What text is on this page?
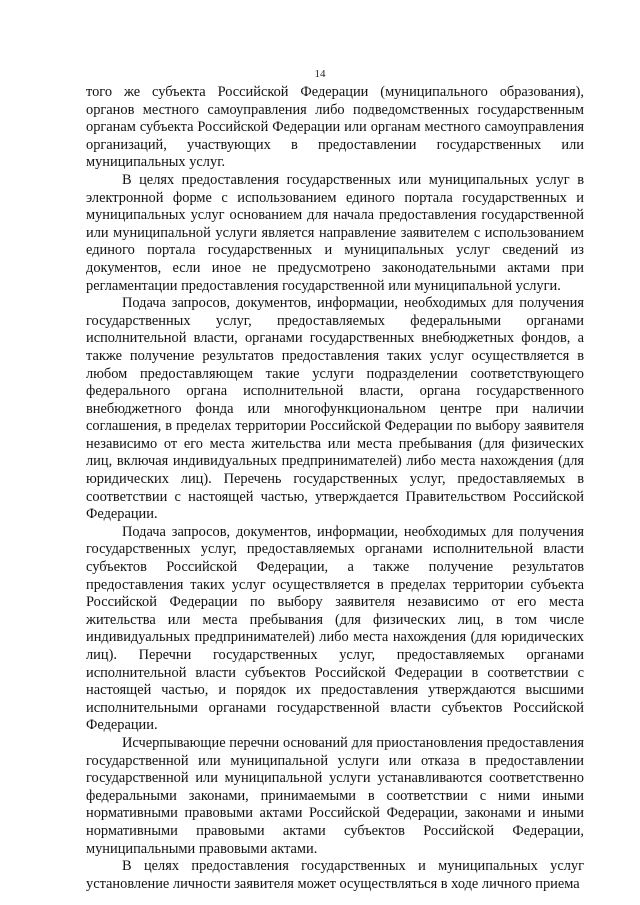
14

того же субъекта Российской Федерации (муниципального образования), органов местного самоуправления либо подведомственных государственным органам субъекта Российской Федерации или органам местного самоуправления организаций, участвующих в предоставлении государственных или муниципальных услуг.

В целях предоставления государственных или муниципальных услуг в электронной форме с использованием единого портала государственных и муниципальных услуг основанием для начала предоставления государственной или муниципальной услуги является направление заявителем с использованием единого портала государственных и муниципальных услуг сведений из документов, если иное не предусмотрено законодательными актами при регламентации предоставления государственной или муниципальной услуги.

Подача запросов, документов, информации, необходимых для получения государственных услуг, предоставляемых федеральными органами исполнительной власти, органами государственных внебюджетных фондов, а также получение результатов предоставления таких услуг осуществляется в любом предоставляющем такие услуги подразделении соответствующего федерального органа исполнительной власти, органа государственного внебюджетного фонда или многофункциональном центре при наличии соглашения, в пределах территории Российской Федерации по выбору заявителя независимо от его места жительства или места пребывания (для физических лиц, включая индивидуальных предпринимателей) либо места нахождения (для юридических лиц). Перечень государственных услуг, предоставляемых в соответствии с настоящей частью, утверждается Правительством Российской Федерации.

Подача запросов, документов, информации, необходимых для получения государственных услуг, предоставляемых органами исполнительной власти субъектов Российской Федерации, а также получение результатов предоставления таких услуг осуществляется в пределах территории субъекта Российской Федерации по выбору заявителя независимо от его места жительства или места пребывания (для физических лиц, в том числе индивидуальных предпринимателей) либо места нахождения (для юридических лиц). Перечни государственных услуг, предоставляемых органами исполнительной власти субъектов Российской Федерации в соответствии с настоящей частью, и порядок их предоставления утверждаются высшими исполнительными органами государственной власти субъектов Российской Федерации.

Исчерпывающие перечни оснований для приостановления предоставления государственной или муниципальной услуги или отказа в предоставлении государственной или муниципальной услуги устанавливаются соответственно федеральными законами, принимаемыми в соответствии с ними иными нормативными правовыми актами Российской Федерации, законами и иными нормативными правовыми актами субъектов Российской Федерации, муниципальными правовыми актами.

В целях предоставления государственных и муниципальных услуг установление личности заявителя может осуществляться в ходе личного приема
